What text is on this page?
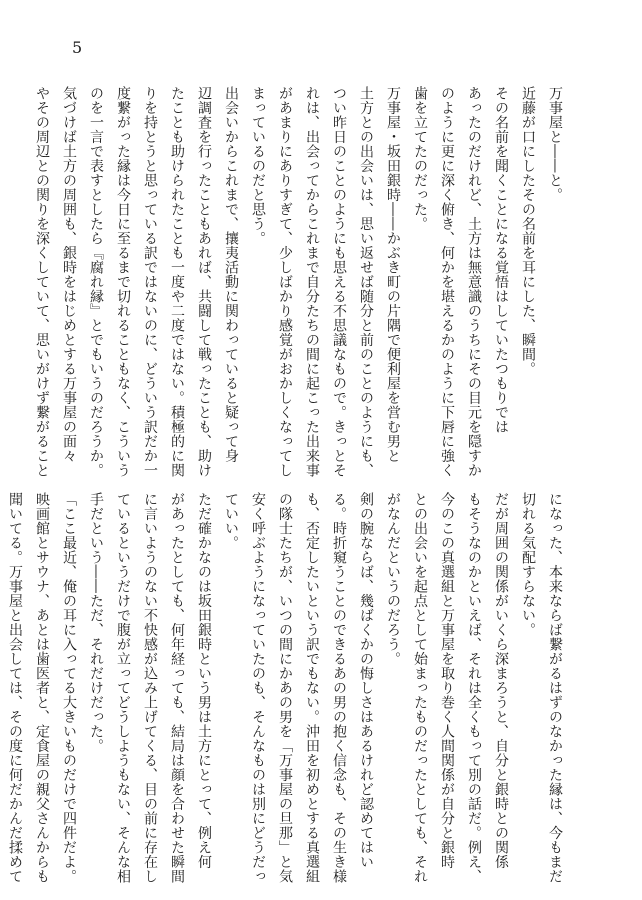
5
万事屋と――と。
近藤が口にしたその名前を耳にした、瞬間。
その名前を聞くことになる覚悟はしていたつもりでは
あったのだけれど、土方は無意識のうちにその目元を隠すか
のように更に深く俯き、何かを堪えるかのように下唇に強く
歯を立てたのだった。
万事屋・坂田銀時――かぶき町の片隅で便利屋を営む男と
土方との出会いは、思い返せば随分と前のことのようにも、
つい昨日のことのようにも思える不思議なもので。きっとそ
れは、出会ってからこれまで自分たちの間に起こった出来事
があまりにありすぎて、少しばかり感覚がおかしくなってし
まっているのだと思う。
出会いからこれまで、攘夷活動に関わっていると疑って身
辺調査を行ったこともあれば、共闘して戦ったことも、助け
たことも助けられたことも一度や二度ではない。積極的に関
りを持とうと思っている訳ではないのに、どういう訳だか一
度繋がった縁は今日に至るまで切れることもなく、こういう
のを一言で表すとしたら『腐れ縁』とでもいうのだろうか。
気づけば土方の周囲も、銀時をはじめとする万事屋の面々
やその周辺との関りを深くしていて、思いがけず繋がること
になった、本来ならば繋がるはずのなかった縁は、今もまだ
切れる気配すらない。
だが周囲の関係がいくら深まろうと、自分と銀時との関係
もそうなのかといえば、それは全くもって別の話だ。例え、
今のこの真選組と万事屋を取り巻く人間関係が自分と銀時
との出会いを起点として始まったものだったとしても、それ
がなんだというのだろう。
剣の腕ならば、幾ばくかの悔しさはあるけれど認めてはい
る。時折窺うことのできるあの男の抱く信念も、その生き様
も、否定したいという訳でもない。沖田を初めとする真選組
の隊士たちが、いつの間にかあの男を「万事屋の旦那」と気
安く呼ぶようになっていたのも、そんなものは別にどうだっ
ていい。
ただ確かなのは坂田銀時という男は土方にとって、例え何
があったとしても、何年経っても、結局は顔を合わせた瞬間
に言いようのない不快感が込み上げてくる、目の前に存在し
ているというだけで腹が立ってどうしようもない、そんな相
手だという――ただ、それだけだった。
「ここ最近、俺の耳に入ってる大きいものだけで四件だよ。
映画館とサウナ、あとは歯医者と、定食屋の親父さんからも
聞いてる。万事屋と出会しては、その度に何だかんだ揉めて
